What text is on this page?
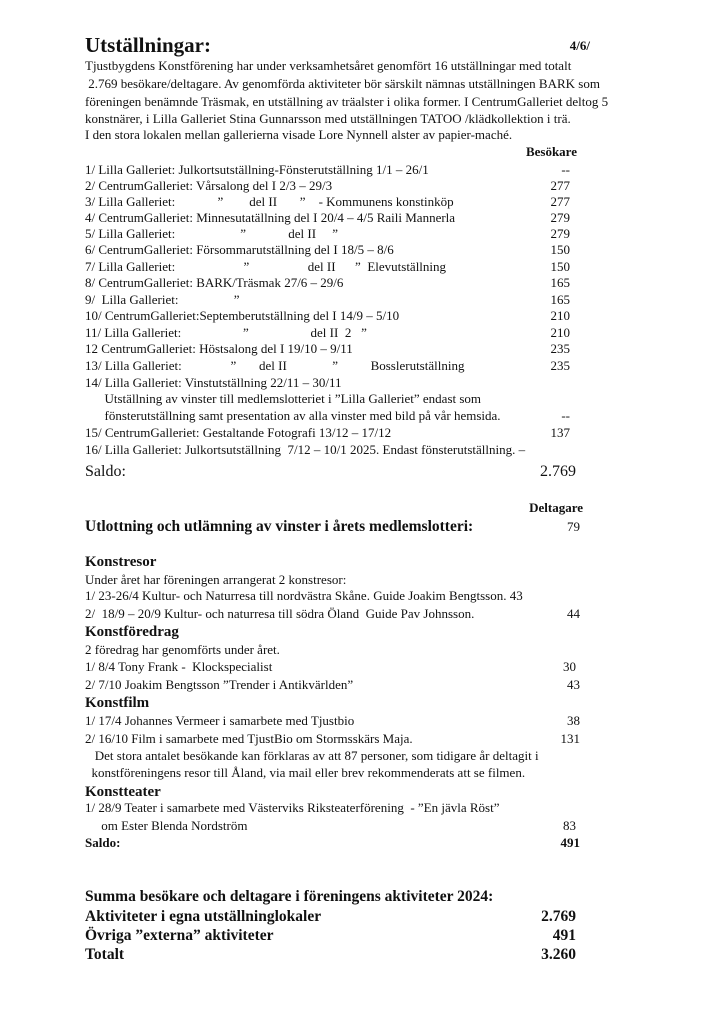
Utställningar:	4/6/
Tjustbygdens Konstförening har under verksamhetsåret genomfört 16 utställningar med totalt
2.769 besökare/deltagare. Av genomförda aktiviteter bör särskilt nämnas utställningen BARK som
föreningen benämnde Träsmak, en utställning av träalster i olika former. I CentrumGalleriet deltog 5
konstnärer, i Lilla Galleriet Stina Gunnarsson med utställningen TATOO /klädkollektion i trä.
I den stora lokalen mellan gallerierna visade Lore Nynnell alster av papier-maché.
Besökare
Saldo:	2.769
Deltagare
Utlottning och utlämning av vinster i årets medlemslotteri:	79
Konstresor
Under året har föreningen arrangerat 2 konstresor:
1/ 23-26/4 Kultur- och Naturresa till nordvästra Skåne. Guide Joakim Bengtsson. 43
2/  18/9 – 20/9 Kultur- och naturresa till södra Öland  Guide Pav Johnsson.	44
Konstföredrag
2 föredrag har genomförts under året.
1/ 8/4 Tony Frank -  Klockspecialist	30
2/ 7/10 Joakim Bengtsson ”Trender i Antikvärlden”	43
Konstfilm
1/ 17/4 Johannes Vermeer i samarbete med Tjustbio	38
2/ 16/10 Film i samarbete med TjustBio om Stormsskärs Maja.	131
Det stora antalet besökande kan förklaras av att 87 personer, som tidigare år deltagit i
konstföreningens resor till Åland, via mail eller brev rekommenderats att se filmen.
Konstteater
1/ 28/9 Teater i samarbete med Västerviks Riksteaterförening  - ”En jävla Röst”
om Ester Blenda Nordström	83
Saldo:	491
Summa besökare och deltagare i föreningens aktiviteter 2024:
Aktiviteter i egna utställninglokaler	2.769
Övriga ”externa” aktiviteter	491
Totalt	3.260
1/ Lilla Galleriet: Julkortsutställning-Fönsterutställning 1/1 – 26/1	--
2/ CentrumGalleriet: Vårsalong del I 2/3 – 29/3	277
3/ Lilla Galleriet:             ”        del II       ”    - Kommunens konstinköp	277
4/ CentrumGalleriet: Minnesutatällning del I 20/4 – 4/5 Raili Mannerla	279
5/ Lilla Galleriet:                    ”             del II     ”	279
6/ CentrumGalleriet: Försommarutställning del I 18/5 – 8/6	150
7/ Lilla Galleriet:                     ”                  del II      ”  Elevutställning	150
8/ CentrumGalleriet: BARK/Träsmak 27/6 – 29/6	165
9/  Lilla Galleriet:                 ”	165
10/ CentrumGalleriet:Septemberutställning del I 14/9 – 5/10	210
11/ Lilla Galleriet:                   ”                   del II  2   ”	210
12 CentrumGalleriet: Höstsalong del I 19/10 – 9/11	235
13/ Lilla Galleriet:               ”       del II              ”          Bosslerutställning	235
14/ Lilla Galleriet: Vinstutställning 22/11 – 30/11
Utställning av vinster till medlemslotteriet i ”Lilla Galleriet” endast som
fönsterutställning samt presentation av alla vinster med bild på vår hemsida.	--
15/ CentrumGalleriet: Gestaltande Fotografi 13/12 – 17/12	137
16/ Lilla Galleriet: Julkortsutställning  7/12 – 10/1 2025. Endast fönsterutställning. –
